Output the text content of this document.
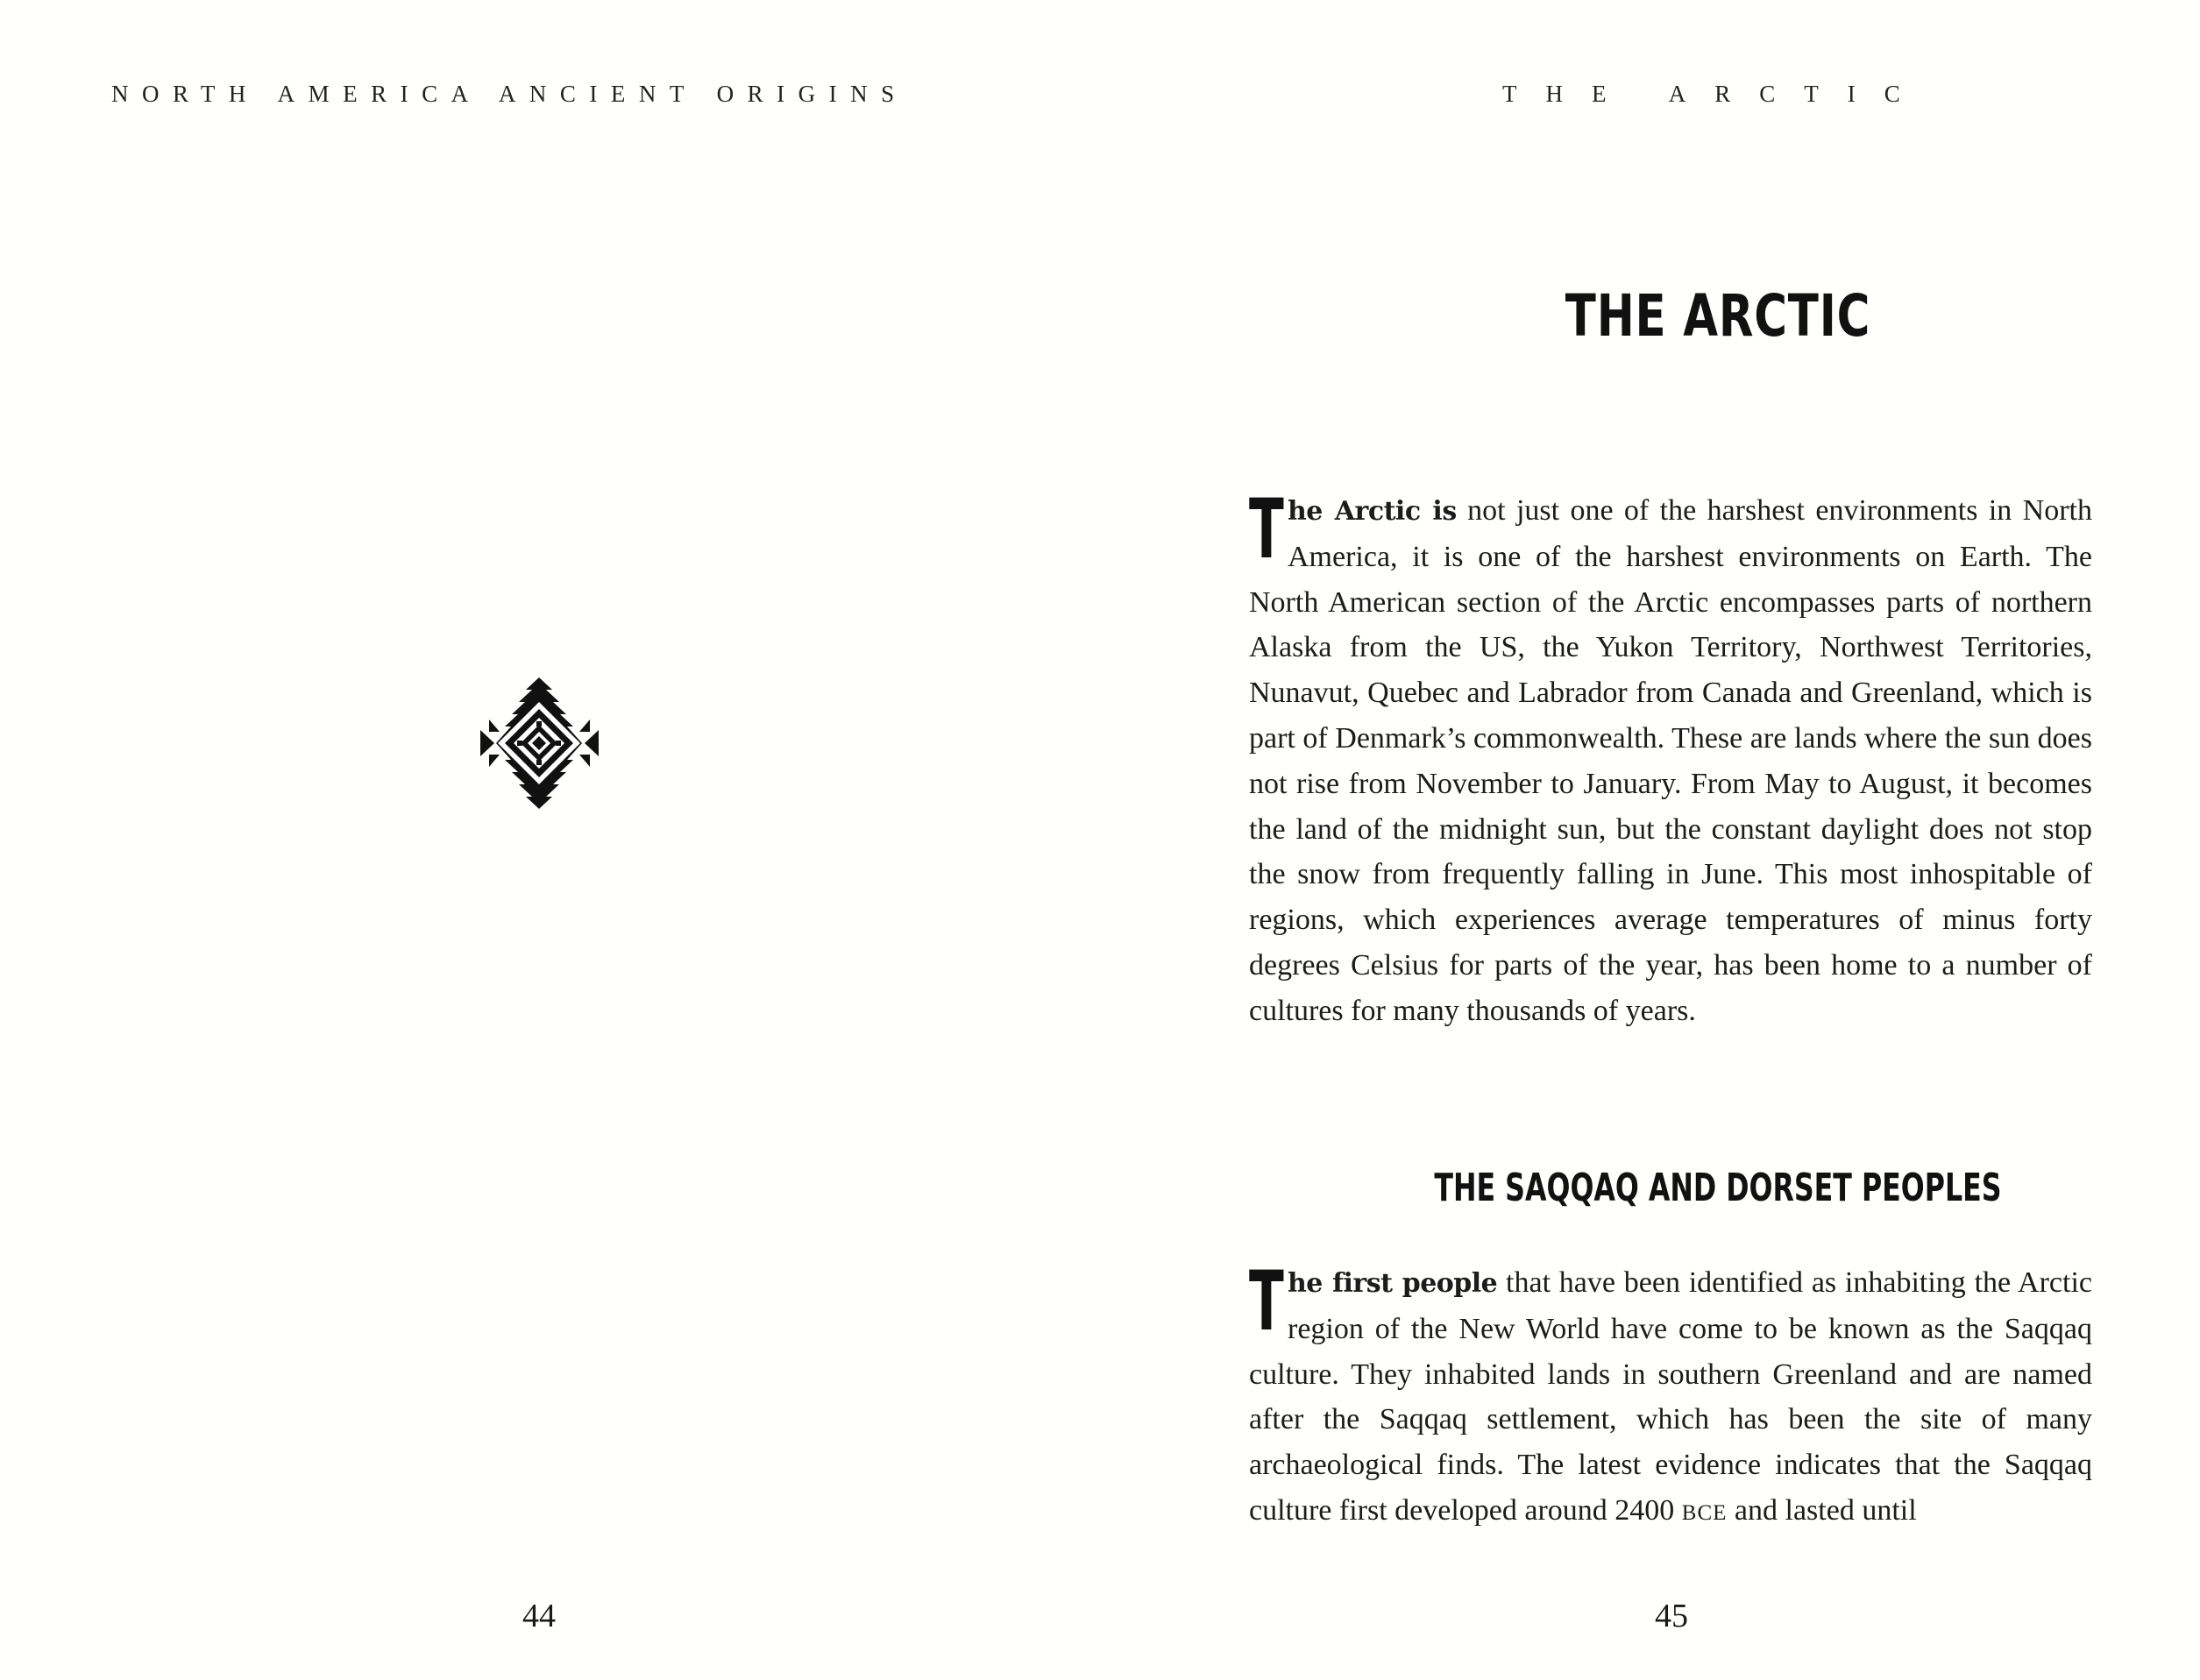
NORTH AMERICA ANCIENT ORIGINS
44
THE ARCTIC
THE ARCTIC
The Arctic is not just one of the harshest environments in North America, it is one of the harshest environments on Earth. The North American section of the Arctic encompasses parts of northern Alaska from the US, the Yukon Territory, Northwest Territories, Nunavut, Quebec and Labrador from Canada and Greenland, which is part of Denmark’s commonwealth. These are lands where the sun does not rise from November to January. From May to August, it becomes the land of the midnight sun, but the constant daylight does not stop the snow from frequently falling in June. This most inhospitable of regions, which experiences average temperatures of minus forty degrees Celsius for parts of the year, has been home to a number of cultures for many thousands of years.
THE SAQQAQ AND DORSET PEOPLES
The first people that have been identified as inhabiting the Arctic region of the New World have come to be known as the Saqqaq culture. They inhabited lands in southern Greenland and are named after the Saqqaq settlement, which has been the site of many archaeological finds. The latest evidence indicates that the Saqqaq culture first developed around 2400 BCE and lasted until
45
